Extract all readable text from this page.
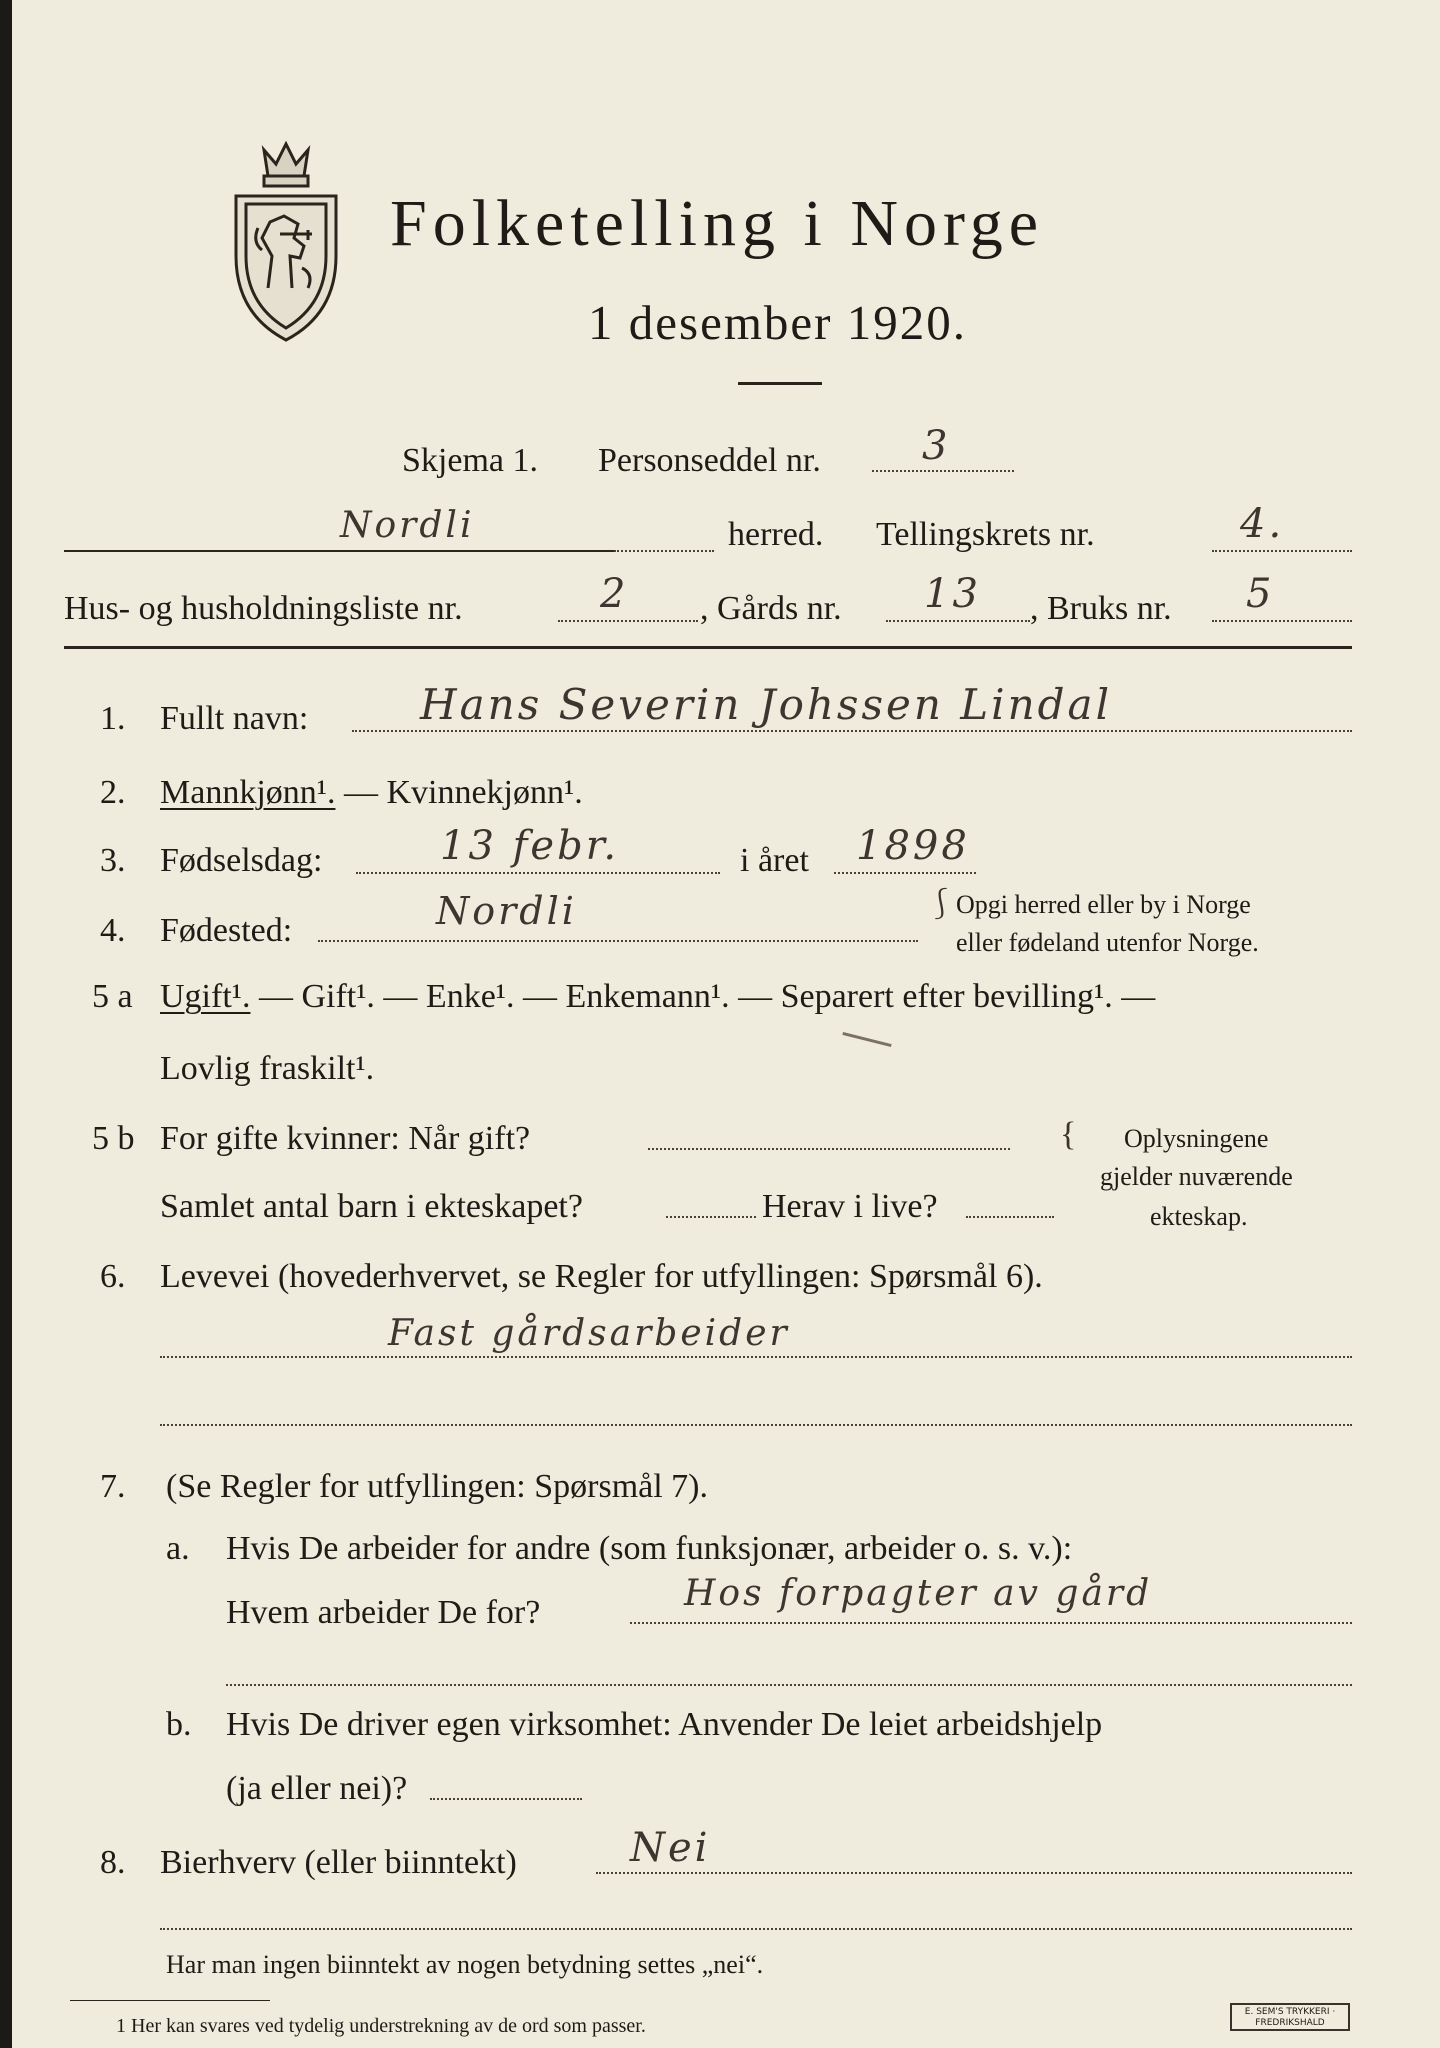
Folketelling i Norge
1 desember 1920.
Skjema 1. Personseddel nr.	3
Nordli	herred. Tellingskrets nr.	4.
Hus- og husholdningsliste nr.	2 , Gårds nr. 13 , Bruks nr. 5
1. Fullt navn:	Hans Severin Johssen Lindal
2. Mannkjønn¹. — Kvinnekjønn¹.
3. Fødselsdag:	13 febr.	i året 1898
4. Fødested:	Nordli	⎰ Opgi herred eller by i Norge
eller fødeland utenfor Norge.
5 a Ugift¹. — Gift¹. — Enke¹. — Enkemann¹. — Separert efter bevilling¹. —
Lovlig fraskilt¹.
5 b For gifte kvinner: Når gift?
Samlet antal barn i ekteskapet?	Herav i live?
{ Oplysningene
gjelder nuværende
ekteskap.
6. Levevei (hovederhvervet, se Regler for utfyllingen: Spørsmål 6).
Fast gårdsarbeider
7. (Se Regler for utfyllingen: Spørsmål 7).
a. Hvis De arbeider for andre (som funksjonær, arbeider o. s. v.):
Hvem arbeider De for?	Hos forpagter av gård
b. Hvis De driver egen virksomhet: Anvender De leiet arbeidshjelp
(ja eller nei)?
8. Bierhverv (eller biinntekt)	Nei
Har man ingen biinntekt av nogen betydning settes „nei“.
1 Her kan svares ved tydelig understrekning av de ord som passer.
E. SEM'S TRYKKERI · FREDRIKSHALD
